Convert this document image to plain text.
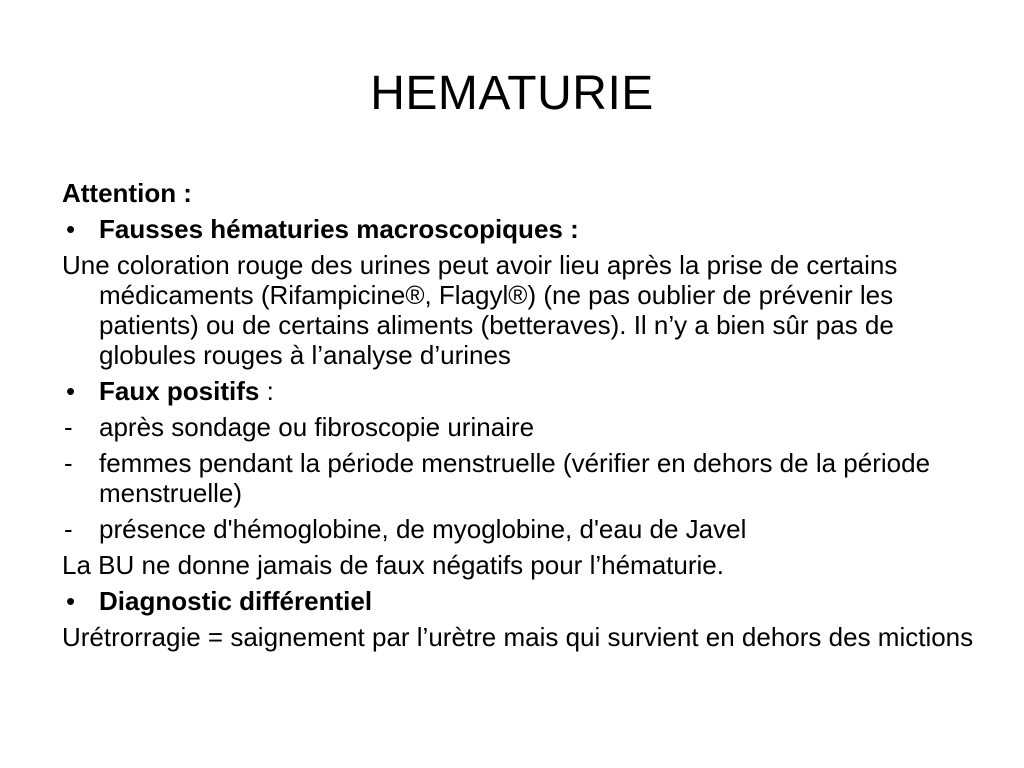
HEMATURIE
Attention :
• Fausses hématuries macroscopiques :
Une coloration rouge des urines peut avoir lieu après la prise de certains médicaments (Rifampicine®, Flagyl®) (ne pas oublier de prévenir les patients) ou de certains aliments (betteraves). Il n’y a bien sûr pas de globules rouges à l’analyse d’urines
• Faux positifs :
-	après sondage ou fibroscopie urinaire
-	femmes pendant la période menstruelle (vérifier en dehors de la période menstruelle)
-	présence d'hémoglobine, de myoglobine, d'eau de Javel
La BU ne donne jamais de faux négatifs pour l’hématurie.
• Diagnostic différentiel
Urétrorragie = saignement par l’urètre mais qui survient en dehors des mictions
